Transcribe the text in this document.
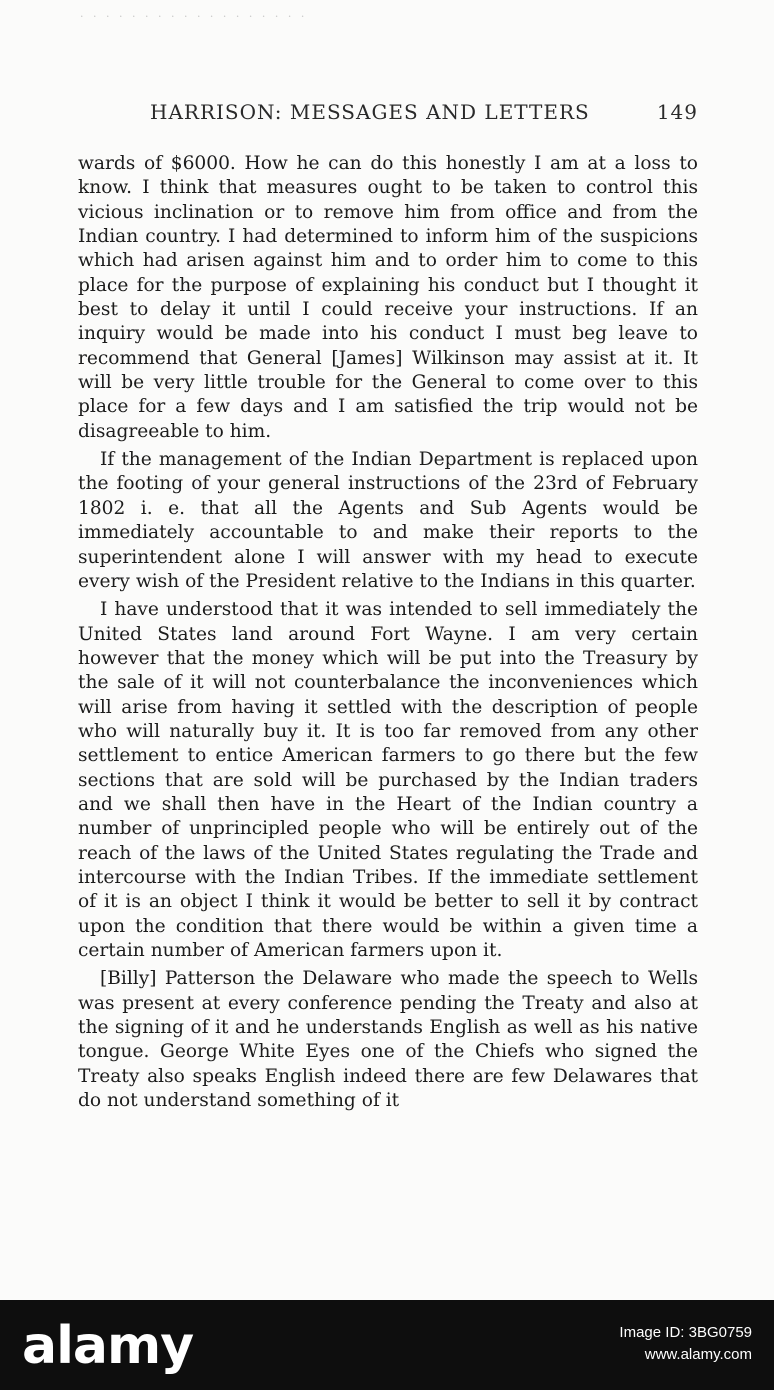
· · · · · · · · · · · · · · · · · ·
HARRISON: MESSAGES AND LETTERS	149

wards of $6000. How he can do this honestly I am at a loss to know. I think that measures ought to be taken to control this vicious inclination or to remove him from office and from the Indian country. I had determined to inform him of the suspicions which had arisen against him and to order him to come to this place for the purpose of explaining his conduct but I thought it best to delay it until I could receive your instructions. If an inquiry would be made into his conduct I must beg leave to recommend that General [James] Wilkinson may assist at it. It will be very little trouble for the General to come over to this place for a few days and I am satisfied the trip would not be disagreeable to him.

If the management of the Indian Department is replaced upon the footing of your general instructions of the 23rd of February 1802 i. e. that all the Agents and Sub Agents would be immediately accountable to and make their reports to the superintendent alone I will answer with my head to execute every wish of the President relative to the Indians in this quarter.

I have understood that it was intended to sell immediately the United States land around Fort Wayne. I am very certain however that the money which will be put into the Treasury by the sale of it will not counterbalance the inconveniences which will arise from having it settled with the description of people who will naturally buy it. It is too far removed from any other settlement to entice American farmers to go there but the few sections that are sold will be purchased by the Indian traders and we shall then have in the Heart of the Indian country a number of unprincipled people who will be entirely out of the reach of the laws of the United States regulating the Trade and intercourse with the Indian Tribes. If the immediate settlement of it is an object I think it would be better to sell it by contract upon the condition that there would be within a given time a certain number of American farmers upon it.

[Billy] Patterson the Delaware who made the speech to Wells was present at every conference pending the Treaty and also at the signing of it and he understands English as well as his native tongue. George White Eyes one of the Chiefs who signed the Treaty also speaks English indeed there are few Delawares that do not understand something of it

alamy	Image ID: 3BG0759
www.alamy.com
